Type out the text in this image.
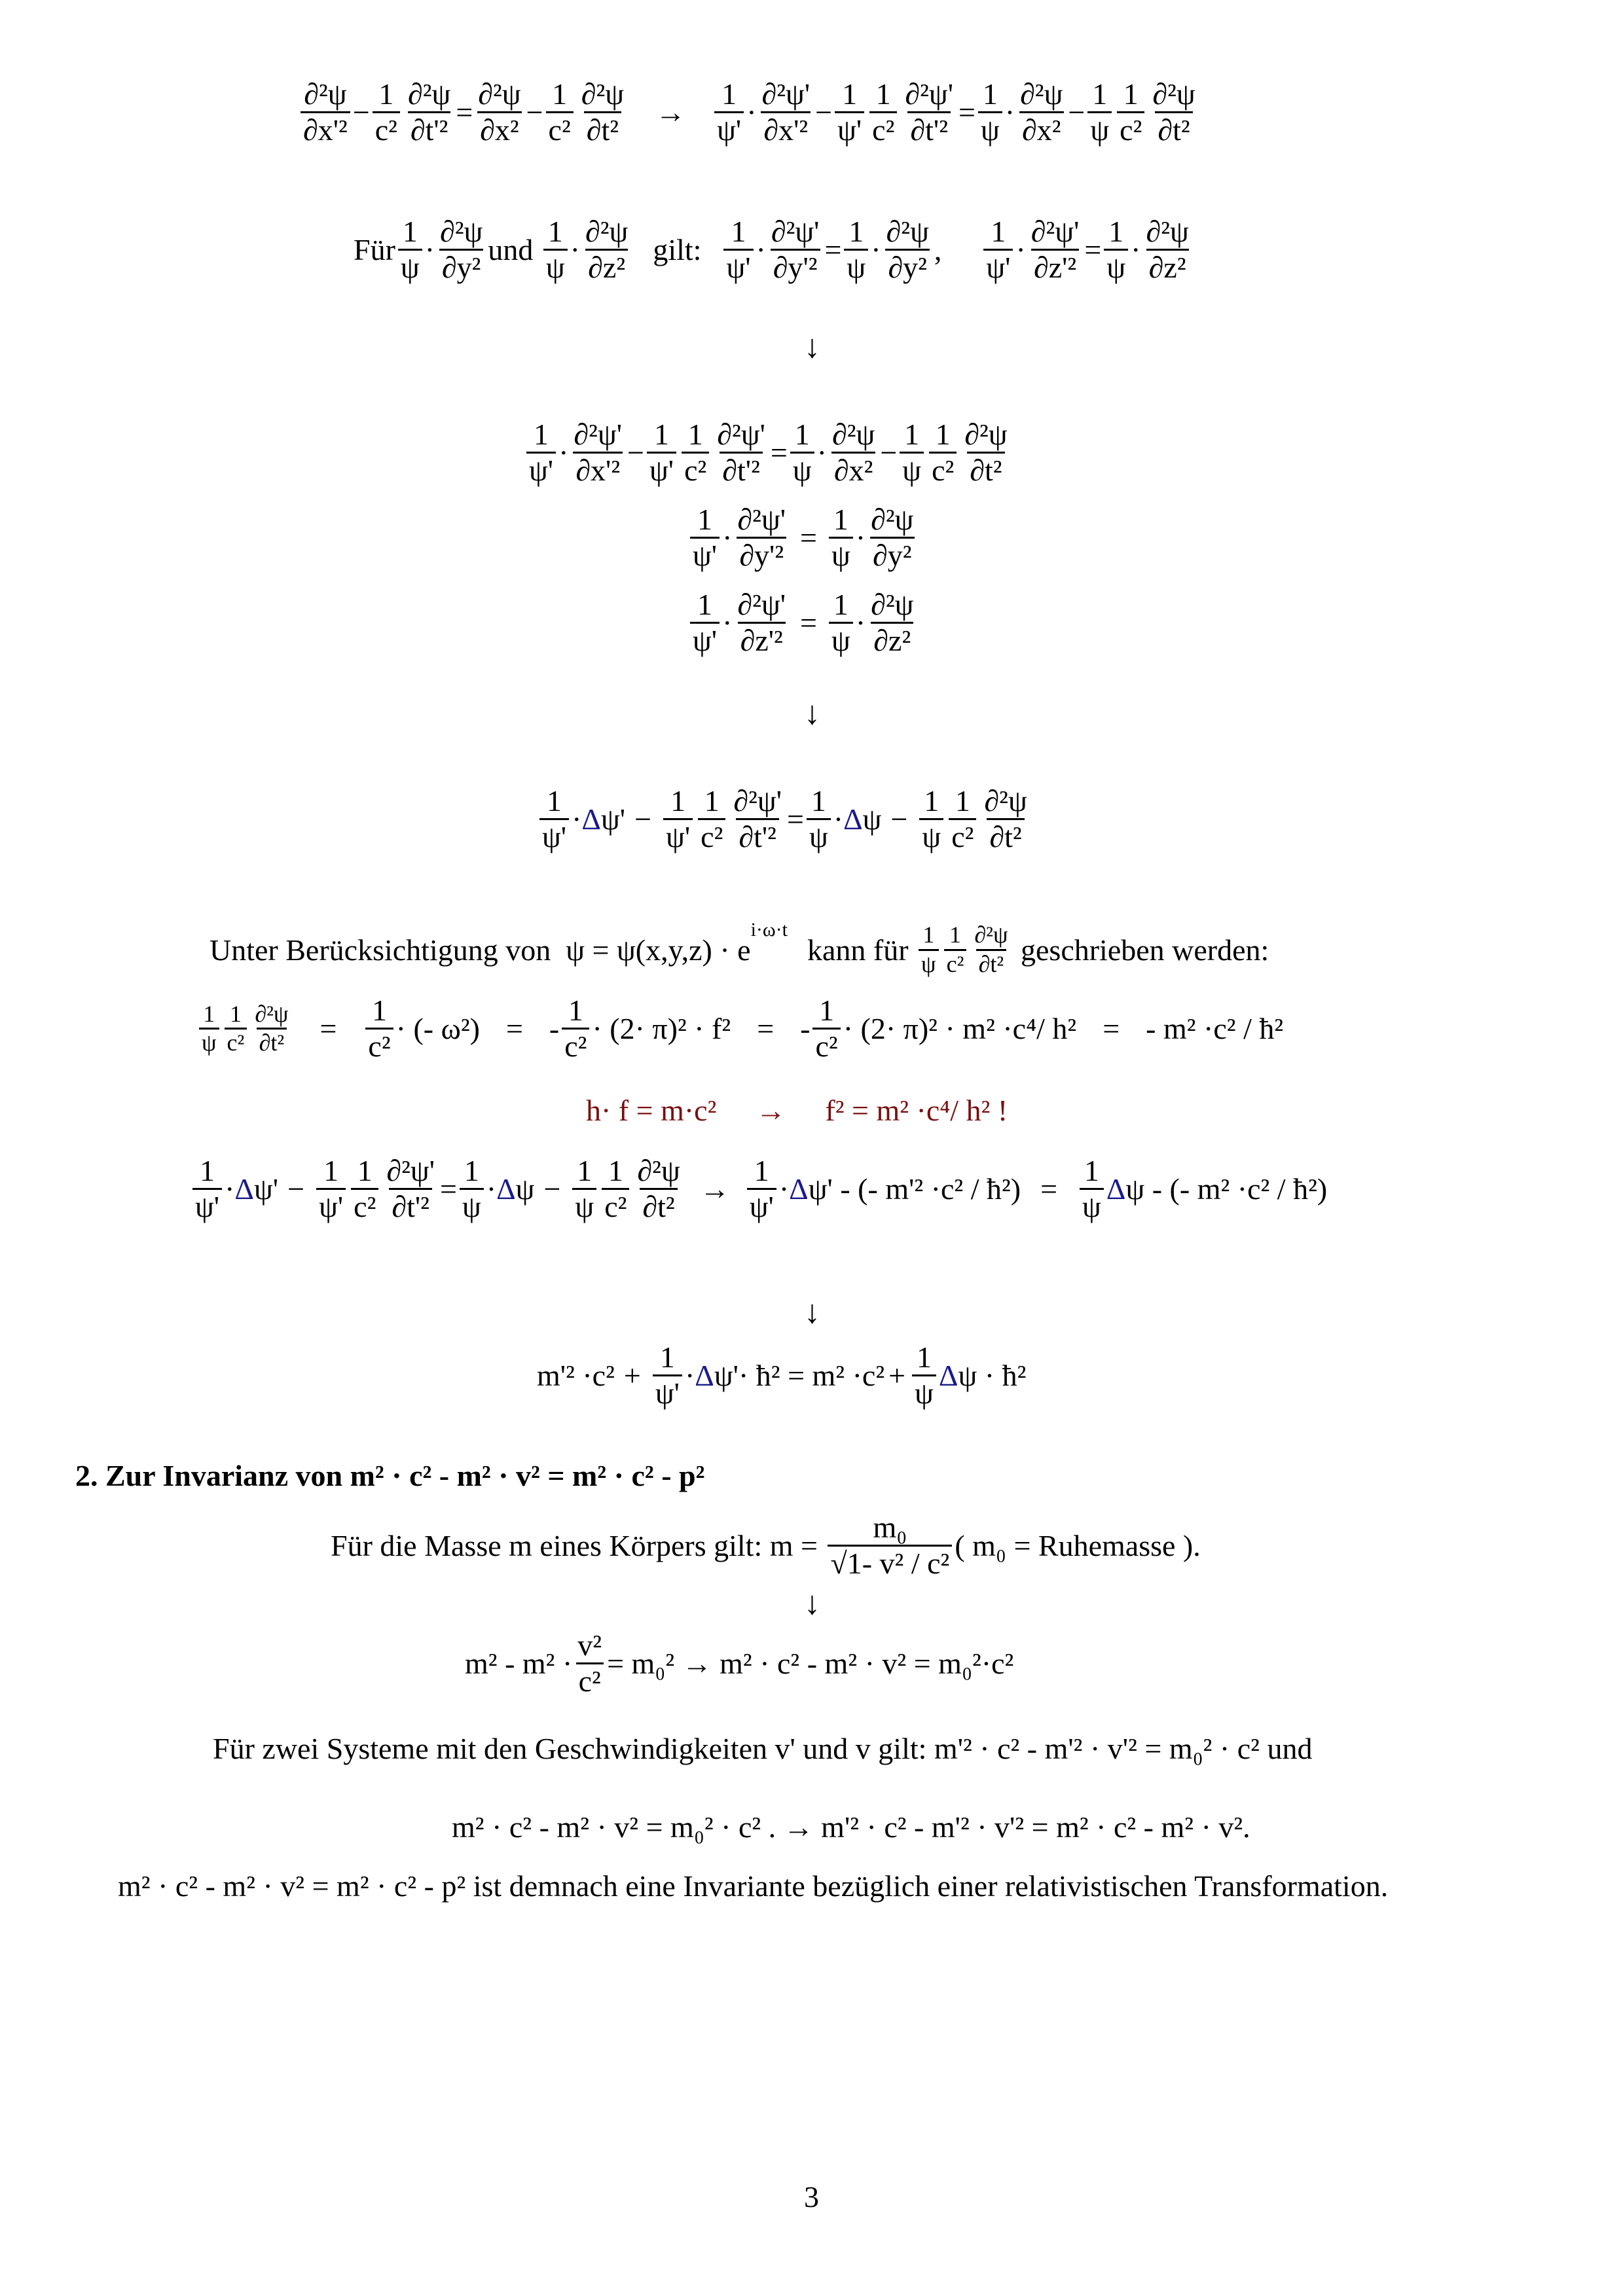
$\frac{\text{∂²ψ}}{\text{∂x'²}} - \frac{1}{\text{c²}} \frac{\text{∂²ψ}}{\text{∂t'²}} = \frac{\text{∂²ψ}}{\text{∂x²}} - \frac{1}{\text{c²}} \frac{\text{∂²ψ}}{\text{∂t²}} \to \frac{1}{\psi'} \cdot \frac{\text{∂²ψ'}}{\text{∂x'²}} - \frac{1}{\psi'} \frac{1}{\text{c²}} \frac{\text{∂²ψ'}}{\text{∂t'²}} = \frac{1}{\psi} \cdot \frac{\text{∂²ψ}}{\text{∂x²}} - \frac{1}{\psi} \frac{1}{\text{c²}} \frac{\text{∂²ψ}}{\text{∂t²}}$
Für $\frac{1}{\psi} \cdot \frac{\text{∂²ψ}}{\text{∂y²}}$ und
$\frac{1}{\psi} \cdot \frac{\text{∂²ψ}}{\text{∂z²}}$ gilt: $\frac{1}{\psi'} \cdot \frac{\text{∂²ψ'}}{\text{∂y'²}} = \frac{1}{\psi} \cdot \frac{\text{∂²ψ}}{\text{∂y²}}$ , $\frac{1}{\psi'} \cdot \frac{\text{∂²ψ'}}{\text{∂z'²}} = \frac{1}{\psi} \cdot \frac{\text{∂²ψ}}{\text{∂z²}}$
↓
$\frac{1}{\psi'} \cdot \frac{\text{∂²ψ'}}{\text{∂x'²}} - \frac{1}{\psi'} \frac{1}{\text{c²}} \frac{\text{∂²ψ'}}{\text{∂t'²}} = \frac{1}{\psi} \cdot \frac{\text{∂²ψ}}{\text{∂x²}} - \frac{1}{\psi} \frac{1}{\text{c²}} \frac{\text{∂²ψ}}{\text{∂t²}}$
$\frac{1}{\psi'} \cdot \frac{\text{∂²ψ'}}{\text{∂y'²}} = \frac{1}{\psi} \cdot \frac{\text{∂²ψ}}{\text{∂y²}}$
$\frac{1}{\psi'} \cdot \frac{\text{∂²ψ'}}{\text{∂z'²}} = \frac{1}{\psi} \cdot \frac{\text{∂²ψ}}{\text{∂z²}}$
↓
$\frac{1}{\psi'} \cdot \Delta$ $\psi' - \frac{1}{\psi'} \frac{1}{\text{c²}} \frac{\text{∂²ψ'}}{\text{∂t'²}} = \frac{1}{\psi} \cdot \Delta$ $\psi - \frac{1}{\psi} \frac{1}{\text{c²}} \frac{\text{∂²ψ}}{\text{∂t²}}$
Unter Berücksichtigung von
ψ = ψ(x,y,z) · e
i·ω·t
kann für
$\frac{1}{\psi} \frac{1}{\text{c²}} \frac{\text{∂²ψ}}{\text{∂t²}}$
geschrieben werden:
$\frac{1}{\psi} \frac{1}{\text{c²}} \frac{\text{∂²ψ}}{\text{∂t²}} = \frac{1}{\text{c²}}$ · (- ω²) = - $\frac{1}{\text{c²}} \cdot (2\cdot \pi)^2 \cdot f^2$ = - $\frac{1}{\text{c²}} \cdot (2\cdot \pi)^2 \cdot m^2 \cdot c^4/$ h² = - m² ·c² / ħ²
h· f = m·c² → f² = m² ·c⁴/ h² !
$\frac{1}{\psi'} \cdot \Delta$ $\psi' - \frac{1}{\psi'} \frac{1}{\text{c²}} \frac{\text{∂²ψ'}}{\text{∂t'²}} = \frac{1}{\psi} \cdot \Delta$ $\psi - \frac{1}{\psi} \frac{1}{\text{c²}} \frac{\text{∂²ψ}}{\text{∂t²}} \to \frac{1}{\psi'} \cdot \Delta$ ψ'
- (- m'² ·c² / ħ²) = $\frac{1}{\psi}$ Δ ψ
- (- m² ·c² / ħ²)
↓
$m'^2 \cdot c^2 + \frac{1}{\psi'} \cdot \Delta$ ψ' · ħ² = $m^2 \cdot c^2 + \frac{1}{\psi}$ Δ ψ
· ħ²
2. Zur Invarianz von m² · c² - m² · v² = m² · c² - p²
Für die Masse m eines Körpers gilt:
m =
$\frac{\text{m₀}}{\text{√1- v² / c²}}$ ( m₀ = Ruhemasse ).
↓
$m^2 - m^2 \cdot \frac{\text{v²}}{\text{c²}} = m_0^2 \to m^2 \cdot c^2 - m^2 \cdot v^2 = m_0^2\cdot c^2$
Für zwei Systeme mit den Geschwindigkeiten v' und v gilt: m'² · c² - m'² · v'² = m₀² · c² und
m² · c² - m² · v² = m₀² · c² . → m'² · c² - m'² · v'² = m² · c² - m² · v².
m² · c² - m² · v² = m² · c² - p² ist demnach eine Invariante bezüglich einer relativistischen Transformation.
3
